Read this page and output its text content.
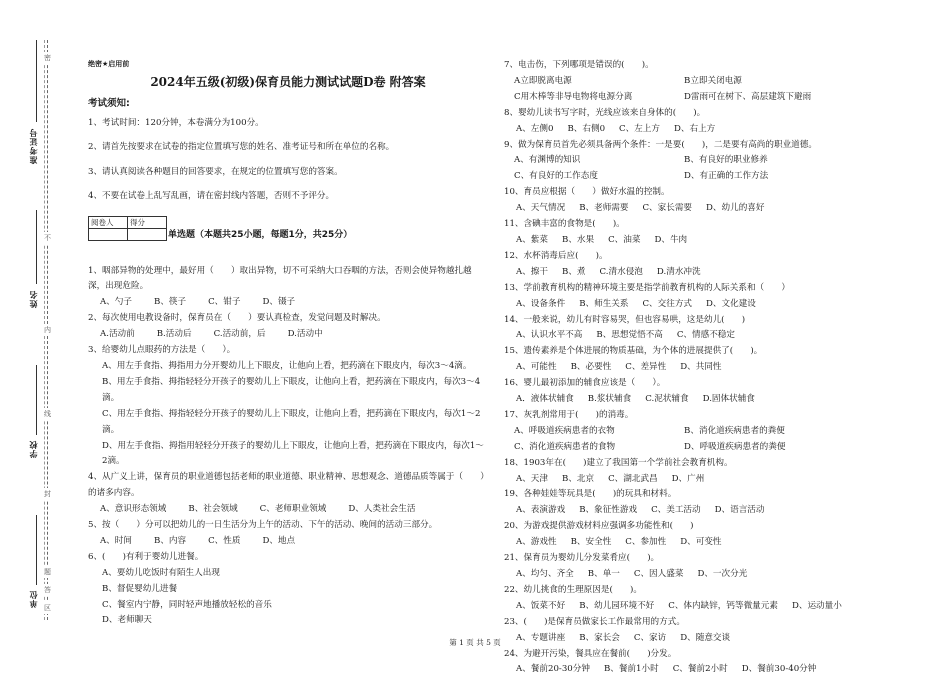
准考证号
姓名
学校
单位
密
不
内
线
封
题
答
区

绝密★启用前

2024年五级(初级)保育员能力测试试题D卷 附答案
考试须知:

1、考试时间：120分钟，本卷满分为100分。

2、请首先按要求在试卷的指定位置填写您的姓名、准考证号和所在单位的名称。

3、请认真阅读各种题目的回答要求，在规定的位置填写您的答案。

4、不要在试卷上乱写乱画，请在密封线内答题，否则不予评分。

阅卷人	得分

单选题（本题共25小题，每题1分，共25分）

1、咽部异物的处理中，最好用（　　）取出异物，切不可采纳大口吞咽的方法，否则会使异物越扎越深，出现危险。

A、勺子	B、筷子	C、钳子	D、镊子

2、每次使用电教设备时，保育员在（　　）要认真检查，发觉问题及时解决。

A.活动前	B.活动后	C.活动前，后	D.活动中

3、给婴幼儿点眼药的方法是（　　）。

A、用左手食指、拇指用力分开婴幼儿上下眼皮，让他向上看，把药滴在下眼皮内，每次3～4滴。

B、用左手食指、拇指轻轻分开孩子的婴幼儿上下眼皮，让他向上看，把药滴在下眼皮内，每次3～4滴。

C、用左手食指、拇指轻轻分开孩子的婴幼儿上下眼皮，让他向上看，把药滴在下眼皮内，每次1～2滴。

D、用左手食指、拇指用轻轻分开孩子的婴幼儿上下眼皮，让他向上看，把药滴在下眼皮内，每次1～2滴。

4、从广义上讲，保育员的职业道德包括老师的职业道德、职业精神、思想观念、道德品质等属于（　　）的诸多内容。

A、意识形态领域	B、社会领域	C、老师职业领域	D、人类社会生活

5、按（　　）分可以把幼儿的一日生活分为上午的活动、下午的活动、晚间的活动三部分。

A、时间	B、内容	C、性质	D、地点

6、(　　)有利于婴幼儿进餐。

A、要幼儿吃饭时有陌生人出现

B、督促婴幼儿进餐

C、餐室内宁静，同时轻声地播放轻松的音乐

D、老师聊天

7、电击伤，下列哪项是错误的(　　)。

A立即脱离电源	B立即关闭电源
C用木棒等非导电物将电源分离	D雷雨可在树下、高层建筑下避雨

8、婴幼儿读书写字时，光线应该来自身体的(　　)。

A、左侧0 B、右侧0 C、左上方 D、右上方

9、做为保育员首先必须具备两个条件：一是要(　　)，二是要有高尚的职业道德。

A、有渊博的知识	B、有良好的职业修养
C、有良好的工作态度	D、有正确的工作方法

10、育员应根据（　　）做好水温的控制。

A、天气情况 B、老师需要 C、家长需要 D、幼儿的喜好

11、含碘丰富的食物是(　　)。

A、紫菜 B、水果 C、油菜 D、牛肉

12、水杯消毒后应(　　)。

A、擦干 B、煮 C.清水侵泡 D.清水冲洗

13、学前教育机构的精神环境主要是指学前教育机构的人际关系和（　　）

A、设备条件 B、师生关系 C、交往方式 D、文化建设

14、一般来说，幼儿有时容易哭，但也容易哄，这是幼儿(　　)

A、认识水平不高 B、思想觉悟不高 C、情感不稳定

15、遗传素养是个体进展的物质基础，为个体的进展提供了(　　)。

A、可能性 B、必要性 C、差异性 D、共同性

16、婴儿最初添加的辅食应该是（　　）。

A．液体状辅食 B.浆状辅食 C.泥状辅食 D.固体状辅食

17、灰乳剂常用于(　　)的消毒。

A、呼吸道疾病患者的衣物	B、消化道疾病患者的粪便
C、消化道疾病患者的食物	D、呼吸道疾病患者的粪便

18、1903年在(　　)建立了我国第一个学前社会教育机构。

A、天津 B、北京 C、湖北武昌 D、广州

19、各种娃娃等玩具是(　　)的玩具和材料。

A、表演游戏 B、象征性游戏 C、美工活动 D、语言活动

20、为游戏提供游戏材料应强调多功能性和(　　)

A、游戏性 B、安全性 C、参加性 D、可变性

21、保育员为婴幼儿分发菜肴应(　　)。

A、均匀、齐全 B、单一 C、因人盛菜 D、一次分光

22、幼儿挑食的生理原因是(　　)。

A、饭菜不好 B、幼儿园环境不好 C、体内缺锌，钙等微量元素 D、运动量小

23、(　　)是保育员做家长工作最常用的方式。

A、专题讲座 B、家长会 C、家访 D、随意交谈

24、为避开污染，餐具应在餐前(　　)分发。

A、餐前20-30分钟 B、餐前1小时 C、餐前2小时 D、餐前30-40分钟
第 1 页 共 5 页
